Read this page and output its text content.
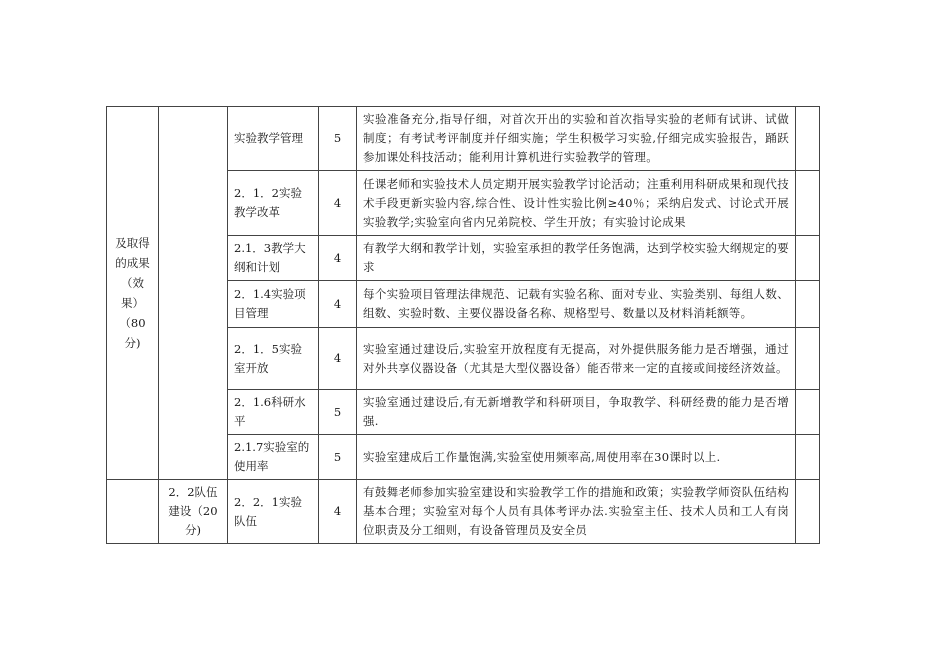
及取得的成果（效果）（80分)		实验教学管理	5	实验准备充分,指导仔细，对首次开出的实验和首次指导实验的老师有试讲、试做制度；有考试考评制度并仔细实施；学生积极学习实验,仔细完成实验报告，踊跃参加课处科技活动；能利用计算机进行实验教学的管理。	
		2．1．2实验教学改革	4	任课老师和实验技术人员定期开展实验教学讨论活动；注重利用科研成果和现代技术手段更新实验内容,综合性、设计性实验比例≥40％；采纳启发式、讨论式开展实验教学;实验室向省内兄弟院校、学生开放；有实验讨论成果	
		2.1．3教学大纲和计划	4	有教学大纲和教学计划，实验室承担的教学任务饱满，达到学校实验大纲规定的要求	
		2．1.4实验项目管理	4	每个实验项目管理法律规范、记载有实验名称、面对专业、实验类别、每组人数、组数、实验时数、主要仪器设备名称、规格型号、数量以及材料消耗额等。	
		2．1．5实验室开放	4	实验室通过建设后,实验室开放程度有无提高，对外提供服务能力是否增强，通过对外共享仪器设备（尤其是大型仪器设备）能否带来一定的直接或间接经济效益。	
		2．1.6科研水平	5	实验室通过建设后,有无新增教学和科研项目，争取教学、科研经费的能力是否增强.	
		2.1.7实验室的使用率	5	实验室建成后工作量饱满,实验室使用频率高,周使用率在30课时以上.	
	2．2队伍建设（20分)	2．2．1实验队伍	4	有鼓舞老师参加实验室建设和实验教学工作的措施和政策；实验教学师资队伍结构基本合理；实验室对每个人员有具体考评办法.实验室主任、技术人员和工人有岗位职责及分工细则，有设备管理员及安全员	
